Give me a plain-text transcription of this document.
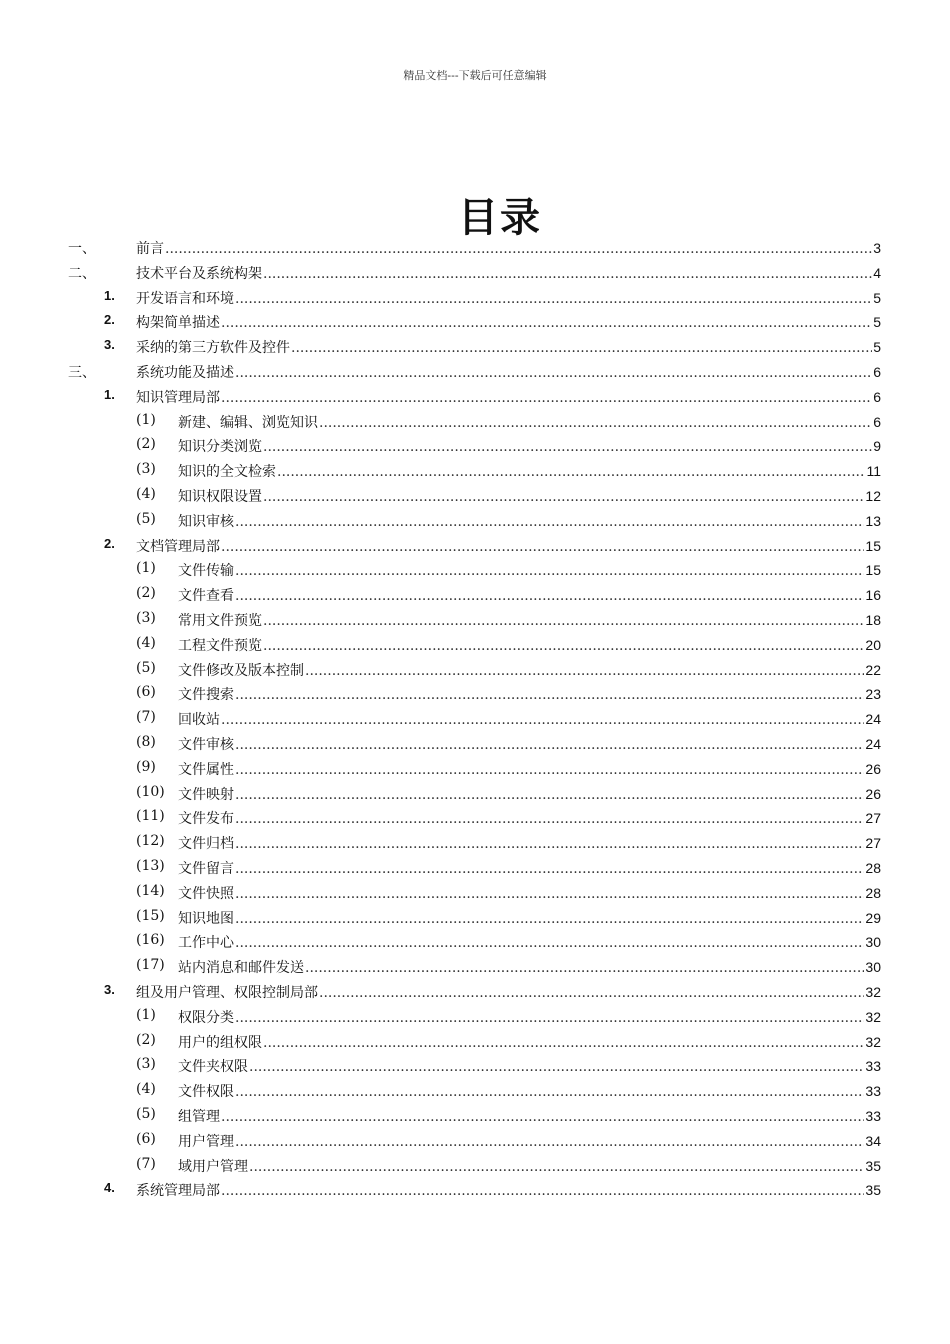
精品文档---下载后可任意编辑
目录
一、	前言 .....	3
二、	技术平台及系统构架 .....	4
1. 开发语言和环境 .....	5
2. 构架简单描述 .....	5
3. 采纳的第三方软件及控件 .....	5
三、	系统功能及描述 .....	6
1. 知识管理局部 .....	6
(1) 新建、编辑、浏览知识 .....	6
(2) 知识分类浏览 .....	9
(3) 知识的全文检索 .....	11
(4) 知识权限设置 .....	12
(5) 知识审核 .....	13
2. 文档管理局部 .....	15
(1) 文件传输 .....	15
(2) 文件查看 .....	16
(3) 常用文件预览 .....	18
(4) 工程文件预览 .....	20
(5) 文件修改及版本控制 .....	22
(6) 文件搜索 .....	23
(7) 回收站 .....	24
(8) 文件审核 .....	24
(9) 文件属性 .....	26
(10) 文件映射 .....	26
(11) 文件发布 .....	27
(12) 文件归档 .....	27
(13) 文件留言 .....	28
(14) 文件快照 .....	28
(15) 知识地图 .....	29
(16) 工作中心 .....	30
(17) 站内消息和邮件发送 .....	30
3. 组及用户管理、权限控制局部 .....	32
(1) 权限分类 .....	32
(2) 用户的组权限 .....	32
(3) 文件夹权限 .....	33
(4) 文件权限 .....	33
(5) 组管理 .....	33
(6) 用户管理 .....	34
(7) 域用户管理 .....	35
4. 系统管理局部 .....	35
